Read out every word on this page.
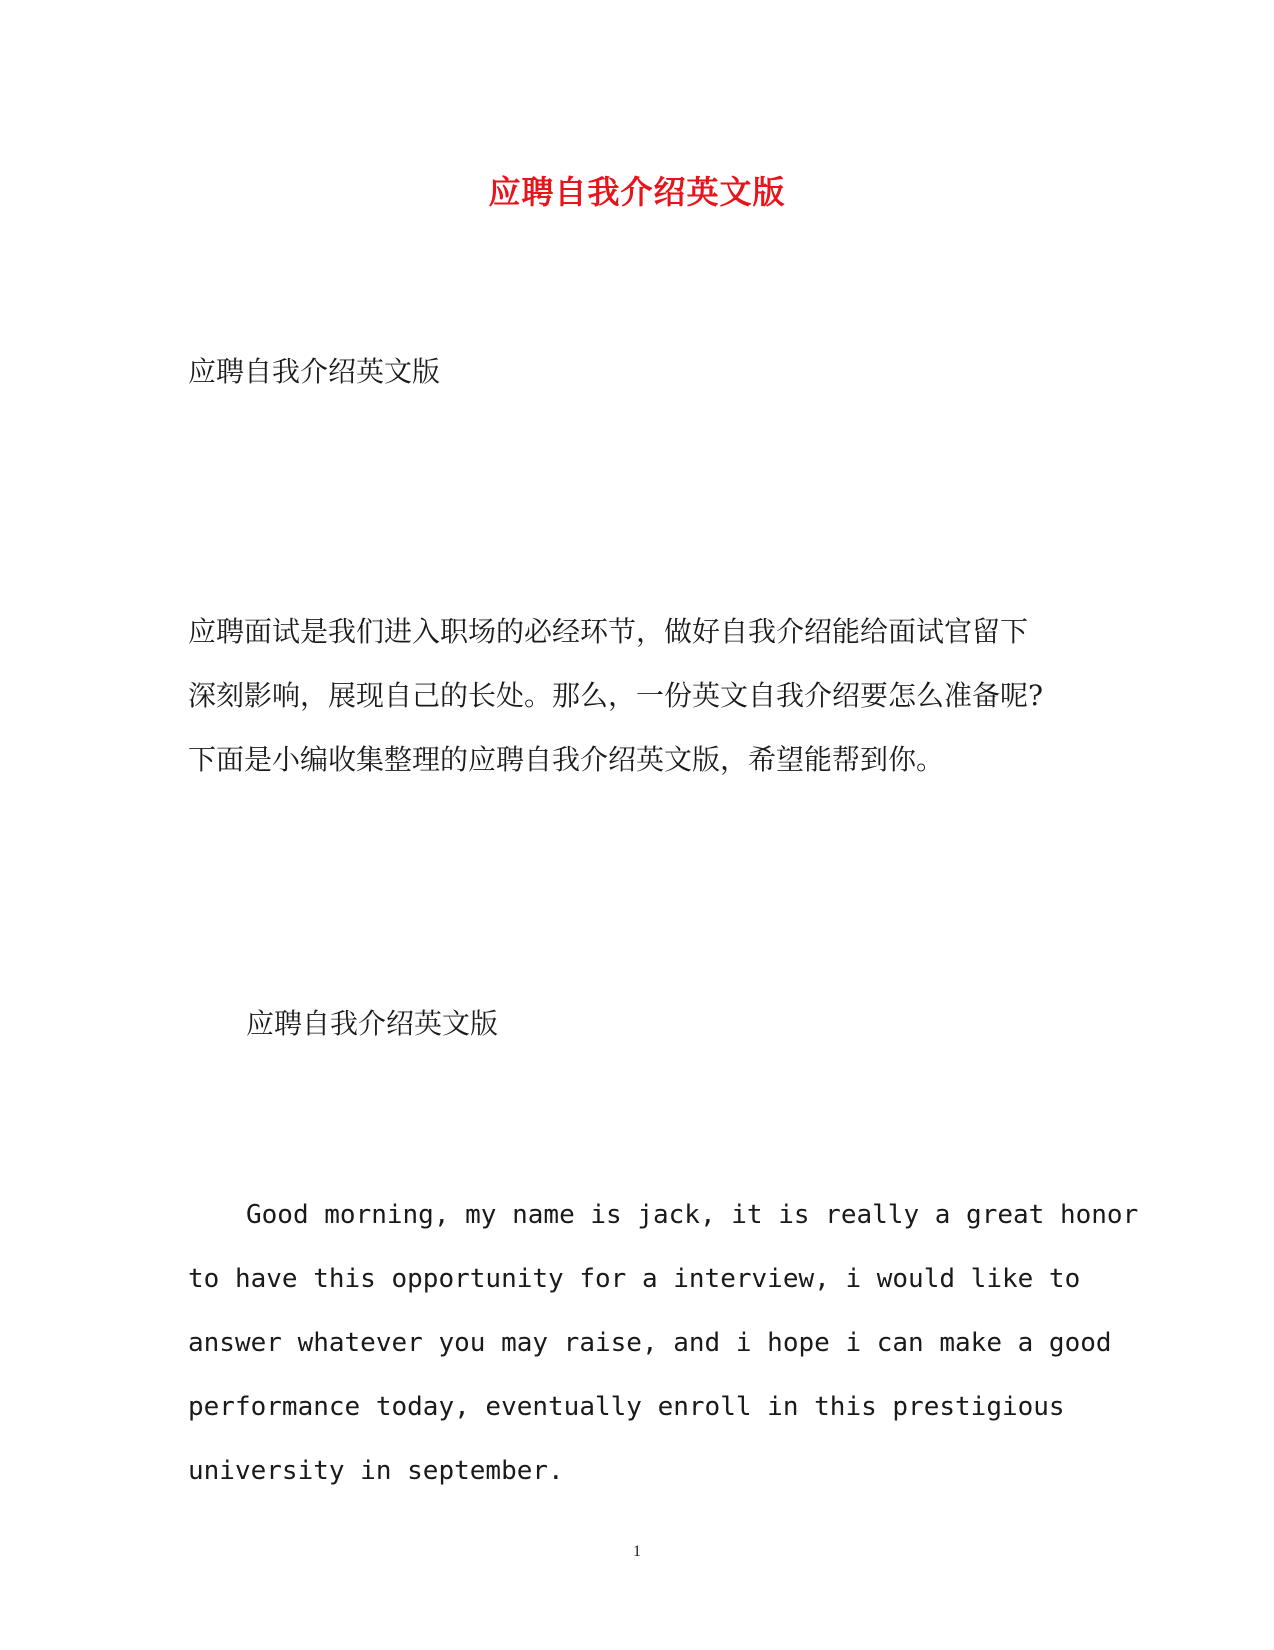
应聘自我介绍英文版
应聘自我介绍英文版
应聘面试是我们进入职场的必经环节，做好自我介绍能给面试官留下
深刻影响，展现自己的长处。那么，一份英文自我介绍要怎么准备呢?
下面是小编收集整理的应聘自我介绍英文版，希望能帮到你。
应聘自我介绍英文版
Good morning, my name is jack, it is really a great honor
to have this opportunity for a interview, i would like to
answer whatever you may raise, and i hope i can make a good
performance today, eventually enroll in this prestigious
university in september.
1
